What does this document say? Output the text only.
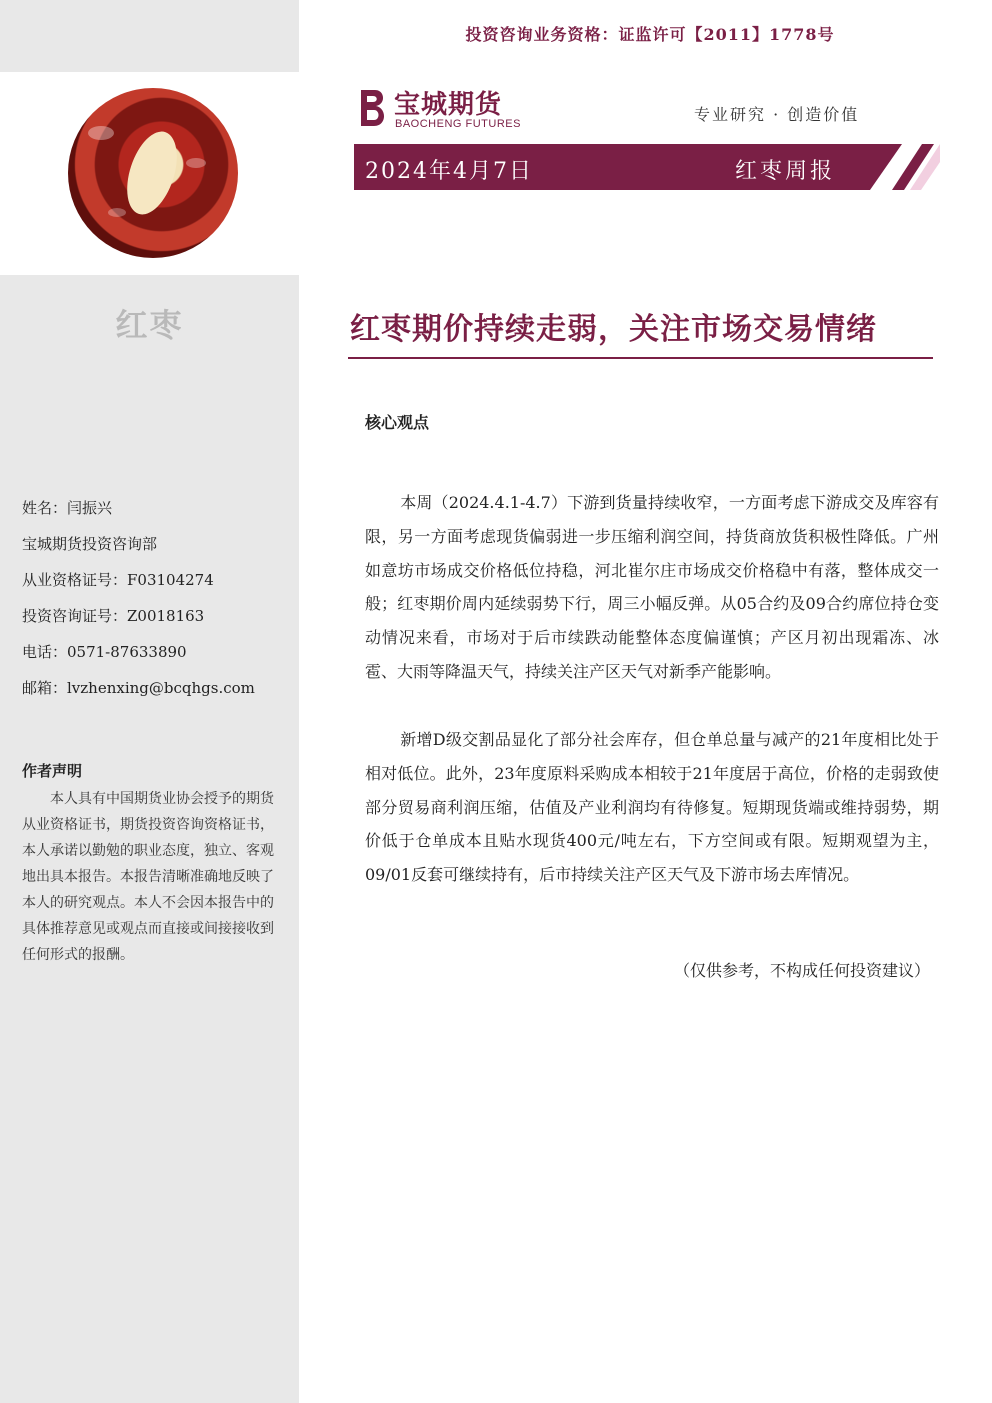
红枣
姓名：闫振兴
宝城期货投资咨询部
从业资格证号：F03104274
投资咨询证号：Z0018163
电话：0571-87633890
邮箱：lvzhenxing@bcqhgs.com
作者声明
本人具有中国期货业协会授予的期货从业资格证书，期货投资咨询资格证书，本人承诺以勤勉的职业态度，独立、客观地出具本报告。本报告清晰准确地反映了本人的研究观点。本人不会因本报告中的具体推荐意见或观点而直接或间接接收到任何形式的报酬。
投资咨询业务资格：证监许可【2011】1778号
宝城期货
BAOCHENG FUTURES	专业研究 · 创造价值
2024年4月7日	红枣周报
红枣期价持续走弱，关注市场交易情绪
核心观点

本周（2024.4.1-4.7）下游到货量持续收窄，一方面考虑下游成交及库容有限，另一方面考虑现货偏弱进一步压缩利润空间，持货商放货积极性降低。广州如意坊市场成交价格低位持稳，河北崔尔庄市场成交价格稳中有落，整体成交一般；红枣期价周内延续弱势下行，周三小幅反弹。从05合约及09合约席位持仓变动情况来看，市场对于后市续跌动能整体态度偏谨慎；产区月初出现霜冻、冰雹、大雨等降温天气，持续关注产区天气对新季产能影响。

新增D级交割品显化了部分社会库存，但仓单总量与减产的21年度相比处于相对低位。此外，23年度原料采购成本相较于21年度居于高位，价格的走弱致使部分贸易商利润压缩，估值及产业利润均有待修复。短期现货端或维持弱势，期价低于仓单成本且贴水现货400元/吨左右，下方空间或有限。短期观望为主，09/01反套可继续持有，后市持续关注产区天气及下游市场去库情况。

（仅供参考，不构成任何投资建议）
